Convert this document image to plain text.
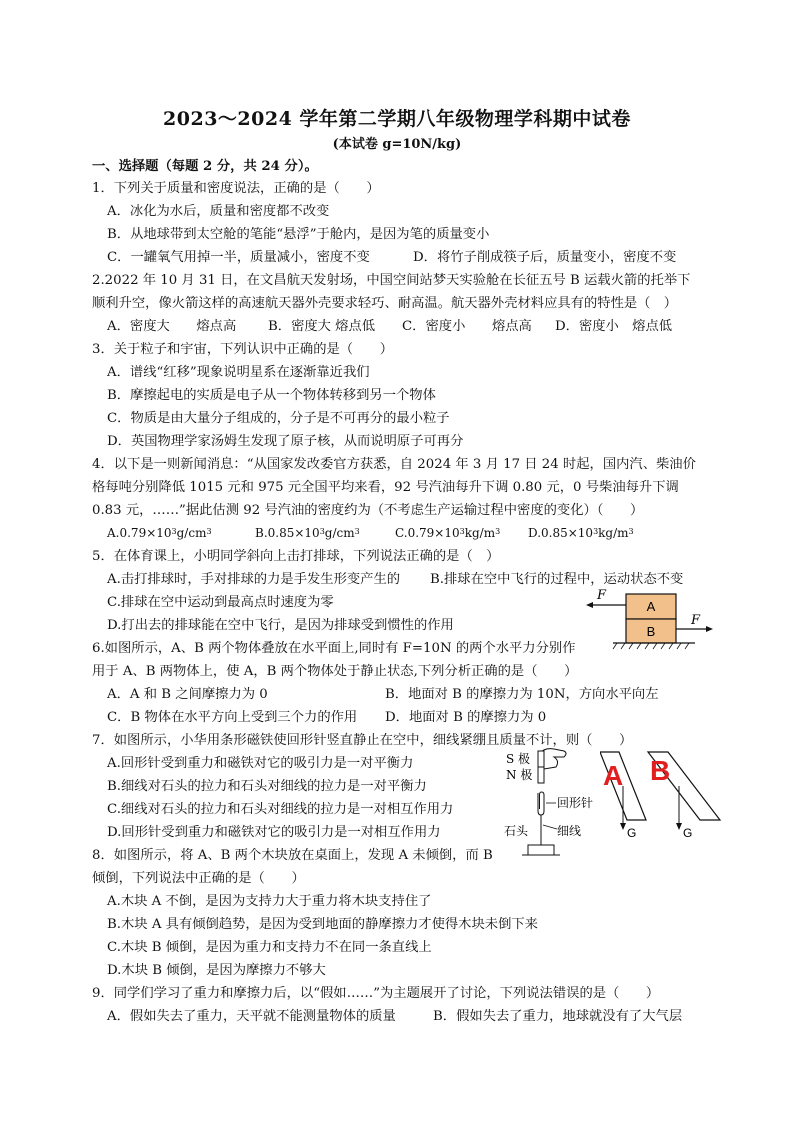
2023～2024 学年第二学期八年级物理学科期中试卷
(本试卷 g=10N/kg)
一、选择题（每题 2 分，共 24 分）。
1．下列关于质量和密度说法，正确的是（　　）
A．冰化为水后，质量和密度都不改变
B．从地球带到太空舱的笔能“悬浮”于舱内，是因为笔的质量变小
C．一罐氧气用掉一半，质量减小，密度不变	D．将竹子削成筷子后，质量变小，密度不变
2.2022 年 10 月 31 日，在文昌航天发射场，中国空间站梦天实验舱在长征五号 B 运载火箭的托举下
顺利升空，像火箭这样的高速航天器外壳要求轻巧、耐高温。航天器外壳材料应具有的特性是（　）
A．密度大　　熔点高 B．密度大 熔点低 C．密度小　　熔点高 D．密度小　熔点低
3．关于粒子和宇宙，下列认识中正确的是（　　）
A．谱线“红移”现象说明星系在逐渐靠近我们
B．摩擦起电的实质是电子从一个物体转移到另一个物体
C．物质是由大量分子组成的，分子是不可再分的最小粒子
D．英国物理学家汤姆生发现了原子核，从而说明原子可再分
4．以下是一则新闻消息：“从国家发改委官方获悉，自 2024 年 3 月 17 日 24 时起，国内汽、柴油价
格每吨分别降低 1015 元和 975 元全国平均来看，92 号汽油每升下调 0.80 元，0 号柴油每升下调
0.83 元，……”据此估测 92 号汽油的密度约为（不考虑生产运输过程中密度的变化）（　　）
$A.0.79\times 10^3g/cm^3$	$B.0.85\times 10^3g/cm^3$	$C.0.79\times 10^3kg/m^3$ $D.0.85\times 10^3kg/m^3$
5．在体育课上，小明同学斜向上击打排球，下列说法正确的是（　）
A.击打排球时，手对排球的力是手发生形变产生的 B.排球在空中飞行的过程中，运动状态不变
C.排球在空中运动到最高点时速度为零
D.打出去的排球能在空中飞行，是因为排球受到惯性的作用
A
B
F
F
6.如图所示，A、B 两个物体叠放在水平面上,同时有 F=10N 的两个水平力分别作
用于 A、B 两物体上，使 A，B 两个物体处于静止状态,下列分析正确的是（　　）
A．A 和 B 之间摩擦力为 0	B．地面对 B 的摩擦力为 10N，方向水平向左
C．B 物体在水平方向上受到三个力的作用 D．地面对 B 的摩擦力为 0
7．如图所示，小华用条形磁铁使回形针竖直静止在空中，细线紧绷且质量不计，则（　　）
A.回形针受到重力和磁铁对它的吸引力是一对平衡力
B.细线对石头的拉力和石头对细线的拉力是一对平衡力
C.细线对石头的拉力和石头对细线的拉力是一对相互作用力
D.回形针受到重力和磁铁对它的吸引力是一对相互作用力
S 极
N 极
回形针
细线
石头
A
G
B
G
8．如图所示，将 A、B 两个木块放在桌面上，发现 A 未倾倒，而 B
倾倒，下列说法中正确的是（　　）
A.木块 A 不倒，是因为支持力大于重力将木块支持住了
B.木块 A 具有倾倒趋势，是因为受到地面的静摩擦力才使得木块未倒下来
C.木块 B 倾倒，是因为重力和支持力不在同一条直线上
D.木块 B 倾倒，是因为摩擦力不够大
9．同学们学习了重力和摩擦力后，以“假如……”为主题展开了讨论，下列说法错误的是（　　）
A．假如失去了重力，天平就不能测量物体的质量	B．假如失去了重力，地球就没有了大气层
